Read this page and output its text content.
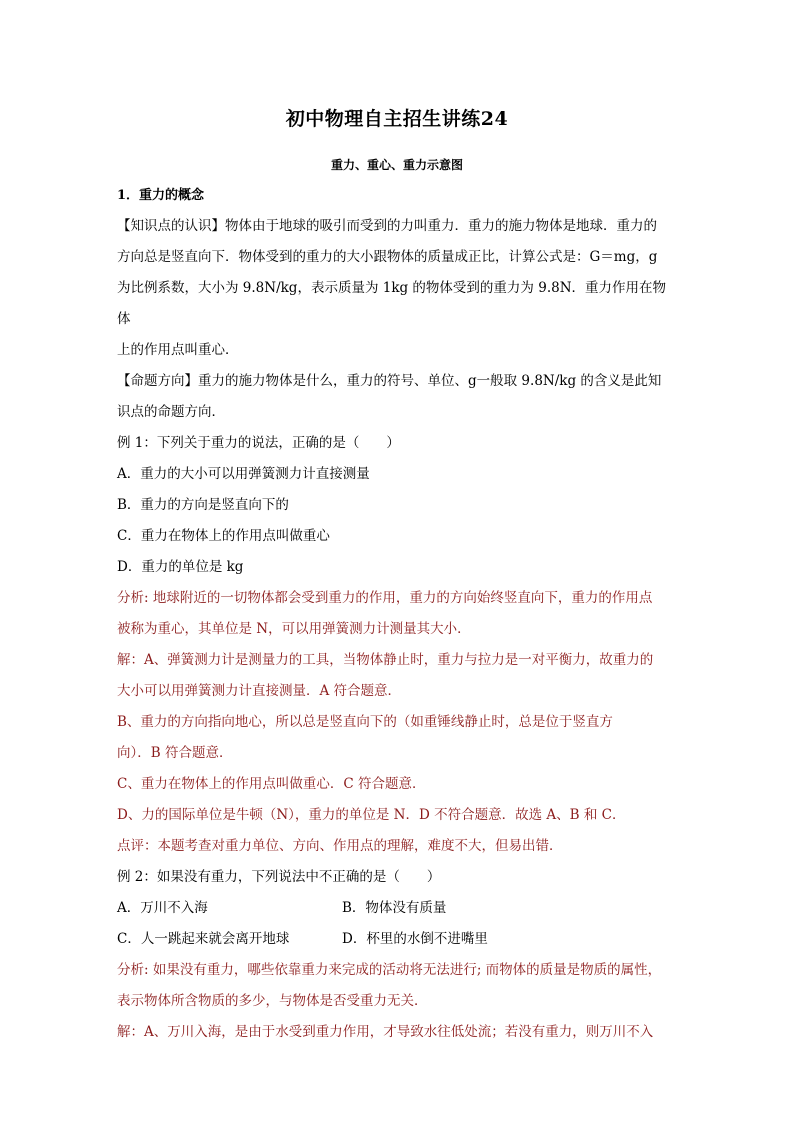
初中物理自主招生讲练24
重力、重心、重力示意图

1．重力的概念

【知识点的认识】物体由于地球的吸引而受到的力叫重力．重力的施力物体是地球．重力的

方向总是竖直向下．物体受到的重力的大小跟物体的质量成正比，计算公式是：G＝mg，g

为比例系数，大小为 9.8N/kg，表示质量为 1kg 的物体受到的重力为 9.8N．重力作用在物体

上的作用点叫重心．

【命题方向】重力的施力物体是什么，重力的符号、单位、g一般取 9.8N/kg 的含义是此知

识点的命题方向．

例 1：下列关于重力的说法，正确的是（　　）

A．重力的大小可以用弹簧测力计直接测量

B．重力的方向是竖直向下的

C．重力在物体上的作用点叫做重心

D．重力的单位是 kg

分析: 地球附近的一切物体都会受到重力的作用，重力的方向始终竖直向下，重力的作用点

被称为重心，其单位是 N，可以用弹簧测力计测量其大小．

解：A、弹簧测力计是测量力的工具，当物体静止时，重力与拉力是一对平衡力，故重力的

大小可以用弹簧测力计直接测量．A 符合题意．

B、重力的方向指向地心，所以总是竖直向下的（如重锤线静止时，总是位于竖直方

向）．B 符合题意．

C、重力在物体上的作用点叫做重心．C 符合题意．

D、力的国际单位是牛顿（N），重力的单位是 N．D 不符合题意．故选 A、B 和 C．

点评：本题考查对重力单位、方向、作用点的理解，难度不大，但易出错．

例 2：如果没有重力，下列说法中不正确的是（　　）

A．万川不入海	B．物体没有质量
C．人一跳起来就会离开地球	D．杯里的水倒不进嘴里

分析: 如果没有重力，哪些依靠重力来完成的活动将无法进行; 而物体的质量是物质的属性，

表示物体所含物质的多少，与物体是否受重力无关．

解：A、万川入海，是由于水受到重力作用，才导致水往低处流；若没有重力，则万川不入
